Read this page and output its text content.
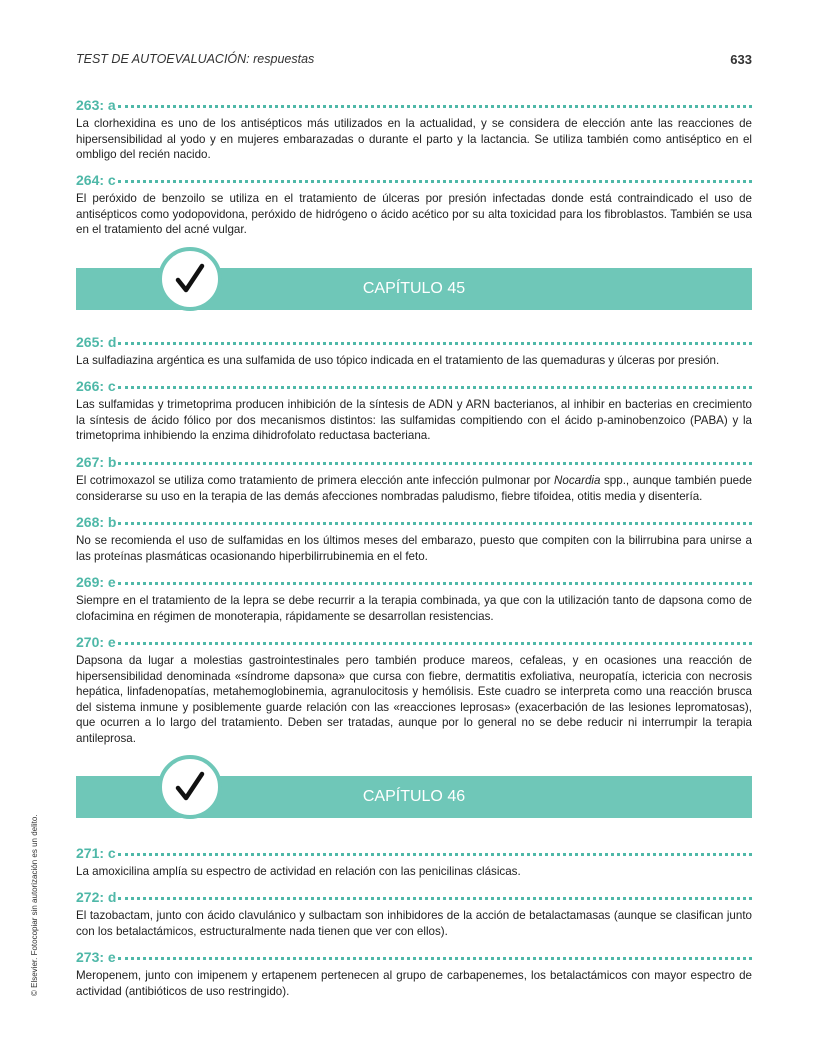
TEST DE AUTOEVALUACIÓN: respuestas	633
263: a
La clorhexidina es uno de los antisépticos más utilizados en la actualidad, y se considera de elección ante las reacciones de hipersensibilidad al yodo y en mujeres embarazadas o durante el parto y la lactancia. Se utiliza también como antiséptico en el ombligo del recién nacido.
264: c
El peróxido de benzoilo se utiliza en el tratamiento de úlceras por presión infectadas donde está contraindicado el uso de antisépticos como yodopovidona, peróxido de hidrógeno o ácido acético por su alta toxicidad para los fibroblastos. También se usa en el tratamiento del acné vulgar.
CAPÍTULO 45
265: d
La sulfadiazina argéntica es una sulfamida de uso tópico indicada en el tratamiento de las quemaduras y úlceras por presión.
266: c
Las sulfamidas y trimetoprima producen inhibición de la síntesis de ADN y ARN bacterianos, al inhibir en bacterias en crecimiento la síntesis de ácido fólico por dos mecanismos distintos: las sulfamidas compitiendo con el ácido p-aminobenzoico (PABA) y la trimetoprima inhibiendo la enzima dihidrofolato reductasa bacteriana.
267: b
El cotrimoxazol se utiliza como tratamiento de primera elección ante infección pulmonar por Nocardia spp., aunque también puede considerarse su uso en la terapia de las demás afecciones nombradas paludismo, fiebre tifoidea, otitis media y disentería.
268: b
No se recomienda el uso de sulfamidas en los últimos meses del embarazo, puesto que compiten con la bilirrubina para unirse a las proteínas plasmáticas ocasionando hiperbilirrubinemia en el feto.
269: e
Siempre en el tratamiento de la lepra se debe recurrir a la terapia combinada, ya que con la utilización tanto de dapsona como de clofacimina en régimen de monoterapia, rápidamente se desarrollan resistencias.
270: e
Dapsona da lugar a molestias gastrointestinales pero también produce mareos, cefaleas, y en ocasiones una reacción de hipersensibilidad denominada «síndrome dapsona» que cursa con fiebre, dermatitis exfoliativa, neuropatía, ictericia con necrosis hepática, linfadenopatías, metahemoglobinemia, agranulocitosis y hemólisis. Este cuadro se interpreta como una reacción brusca del sistema inmune y posiblemente guarde relación con las «reacciones leprosas» (exacerbación de las lesiones lepromatosas), que ocurren a lo largo del tratamiento. Deben ser tratadas, aunque por lo general no se debe reducir ni interrumpir la terapia antileprosa.
CAPÍTULO 46
271: c
La amoxicilina amplía su espectro de actividad en relación con las penicilinas clásicas.
272: d
El tazobactam, junto con ácido clavulánico y sulbactam son inhibidores de la acción de betalactamasas (aunque se clasifican junto con los betalactámicos, estructuralmente nada tienen que ver con ellos).
273: e
Meropenem, junto con imipenem y ertapenem pertenecen al grupo de carbapenemes, los betalactámicos con mayor espectro de actividad (antibióticos de uso restringido).
© Elsevier. Fotocopiar sin autorización es un delito.
